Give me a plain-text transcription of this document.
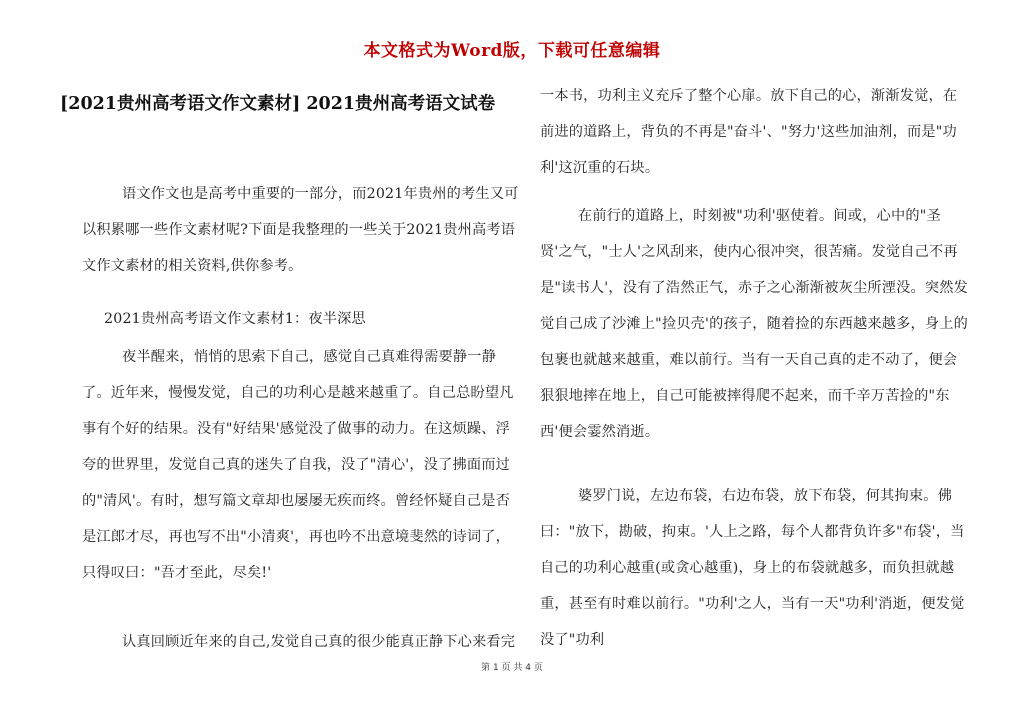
本文格式为Word版，下载可任意编辑
[2021贵州高考语文作文素材] 2021贵州高考语文试卷

语文作文也是高考中重要的一部分，而2021年贵州的考生又可以积累哪一些作文素材呢?下面是我整理的一些关于2021贵州高考语文作文素材的相关资料,供你参考。

2021贵州高考语文作文素材1：夜半深思

夜半醒来，悄悄的思索下自己，感觉自己真难得需要静一静了。近年来，慢慢发觉，自己的功利心是越来越重了。自己总盼望凡事有个好的结果。没有"好结果'感觉没了做事的动力。在这烦躁、浮夸的世界里，发觉自己真的迷失了自我，没了"清心'，没了拂面而过的"清风'。有时，想写篇文章却也屡屡无疾而终。曾经怀疑自己是否是江郎才尽，再也写不出"小清爽'，再也吟不出意境斐然的诗词了，只得叹曰："吾才至此，尽矣!'

认真回顾近年来的自己,发觉自己真的很少能真正静下心来看完

一本书，功利主义充斥了整个心扉。放下自己的心，渐渐发觉，在前进的道路上，背负的不再是"奋斗'、"努力'这些加油剂，而是"功利'这沉重的石块。

在前行的道路上，时刻被"功利'驱使着。间或，心中的"圣贤'之气，"士人'之风刮来，使内心很冲突，很苦痛。发觉自己不再是"读书人'，没有了浩然正气，赤子之心渐渐被灰尘所湮没。突然发觉自己成了沙滩上"捡贝壳'的孩子，随着捡的东西越来越多，身上的包裹也就越来越重，难以前行。当有一天自己真的走不动了，便会狠狠地摔在地上，自己可能被摔得爬不起来，而千辛万苦捡的"东西'便会霎然消逝。

婆罗门说，左边布袋，右边布袋，放下布袋，何其拘束。佛曰："放下，勘破，拘束。'人上之路，每个人都背负许多"布袋'，当自己的功利心越重(或贪心越重)，身上的布袋就越多，而负担就越重，甚至有时难以前行。"功利'之人，当有一天"功利'消逝，便发觉没了"功利

第 1 页 共 4 页
